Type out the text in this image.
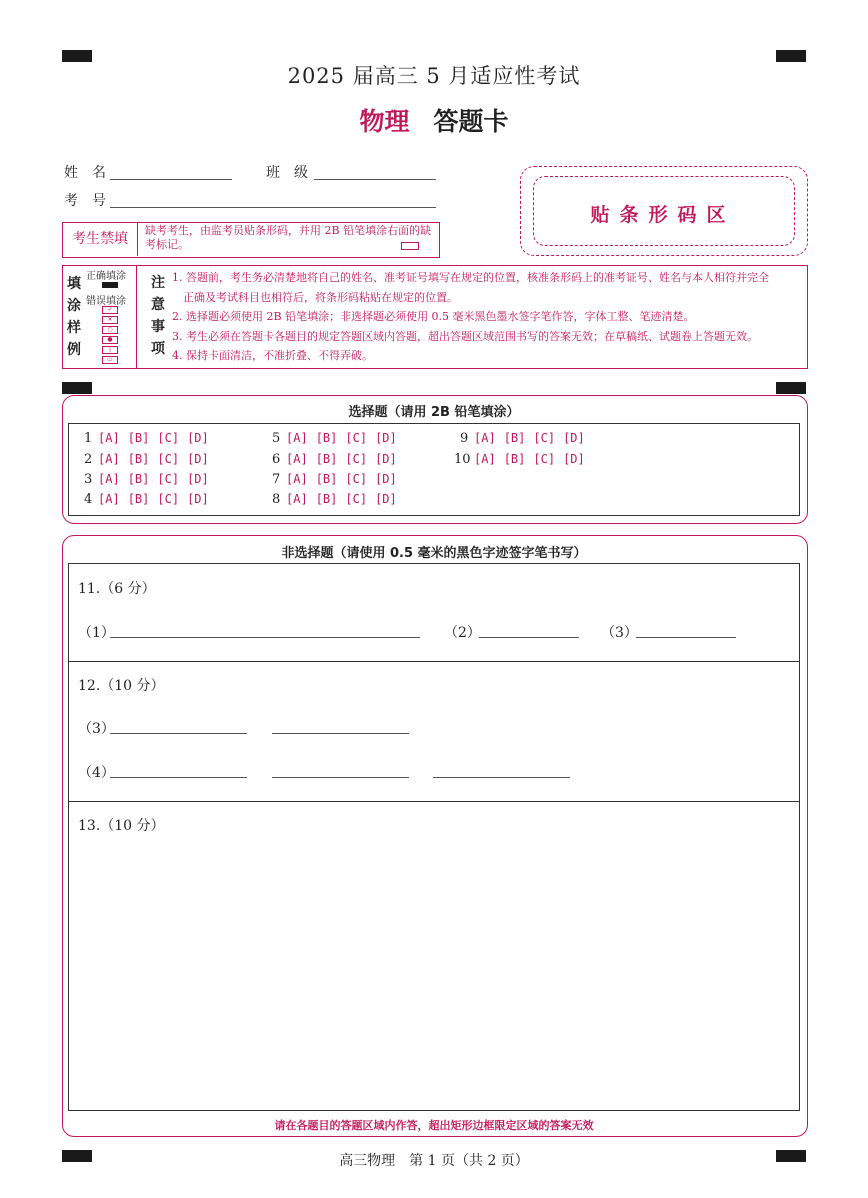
2025 届高三 5 月适应性考试
物理 答题卡
姓　名	班　级
考　号
贴条形码区
考生禁填
缺考考生，由监考员贴条形码，并用 2B 铅笔填涂右面的缺考标记。
填
涂
样
例
正确填涂
错误填涂
✓
✕
○
●
|
▭
注
意
事
项
1. 答题前，考生务必清楚地将自己的姓名、准考证号填写在规定的位置，核准条形码上的准考证号、姓名与本人相符并完全
　正确及考试科目也相符后，将条形码粘贴在规定的位置。
2. 选择题必须使用 2B 铅笔填涂；非选择题必须使用 0.5 毫米黑色墨水签字笔作答，字体工整、笔迹清楚。
3. 考生必须在答题卡各题目的规定答题区域内答题，超出答题区域范围书写的答案无效；在草稿纸、试题卷上答题无效。
4. 保持卡面清洁，不准折叠、不得弄破。
选择题（请用 2B 铅笔填涂）
1 [A] [B] [C] [D]
2 [A] [B] [C] [D]
3 [A] [B] [C] [D]
4 [A] [B] [C] [D]
5 [A] [B] [C] [D]
6 [A] [B] [C] [D]
7 [A] [B] [C] [D]
8 [A] [B] [C] [D]
9 [A] [B] [C] [D]
10 [A] [B] [C] [D]
非选择题（请使用 0.5 毫米的黑色字迹签字笔书写）
11.（6 分）
（1）	（2）	（3）
12.（10 分）
（3）
（4）
13.（10 分）
请在各题目的答题区域内作答，超出矩形边框限定区域的答案无效
高三物理　第 1 页（共 2 页）
